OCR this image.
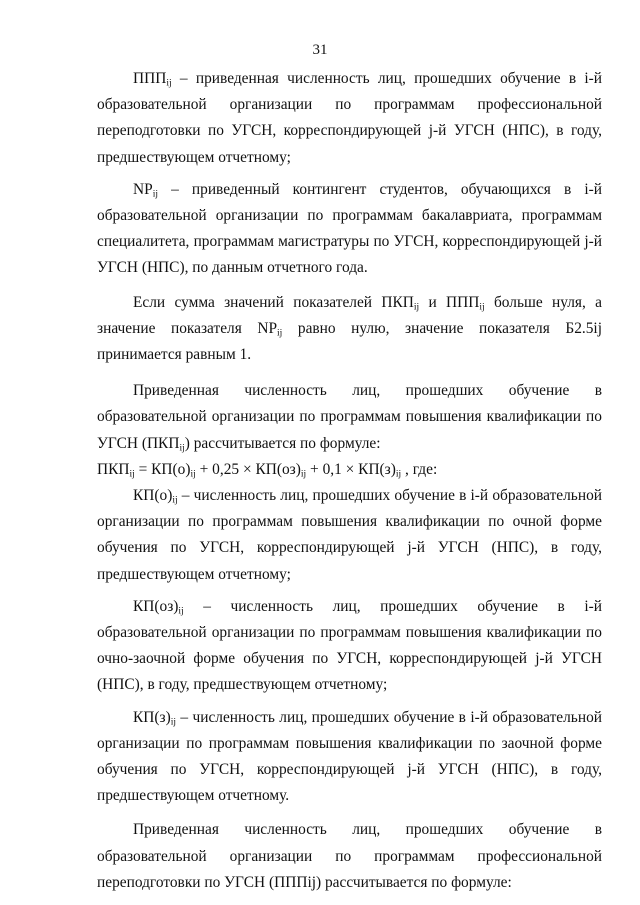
31

$ППП_{ij}$ – приведенная численность лиц, прошедших обучение в i-й образовательной организации по программам профессиональной переподготовки по УГСН, корреспондирующей j-й УГСН (НПС), в году, предшествующем отчетному;

$NP_{ij}$ – приведенный контингент студентов, обучающихся в i-й образовательной организации по программам бакалавриата, программам специалитета, программам магистратуры по УГСН, корреспондирующей j-й УГСН (НПС), по данным отчетного года.

Если сумма значений показателей $ПКП_{ij}$ и $ППП_{ij}$ больше нуля, а значение показателя $NP_{ij}$ равно нулю, значение показателя Б2.5ij принимается равным 1.

Приведенная численность лиц, прошедших обучение в образовательной организации по программам повышения квалификации по УГСН $(ПКП_{ij})$ рассчитывается по формуле:

$ПКП_{ij} = КП(о)_{ij} + 0,25 \times КП(оз)_{ij} + 0,1 \times КП(з)_{ij}$ , где:

$КП(о)_{ij}$ – численность лиц, прошедших обучение в i-й образовательной организации по программам повышения квалификации по очной форме обучения по УГСН, корреспондирующей j-й УГСН (НПС), в году, предшествующем отчетному;

$КП(оз)_{ij}$ – численность лиц, прошедших обучение в i-й образовательной организации по программам повышения квалификации по очно-заочной форме обучения по УГСН, корреспондирующей j-й УГСН (НПС), в году, предшествующем отчетному;

$КП(з)_{ij}$ – численность лиц, прошедших обучение в i-й образовательной организации по программам повышения квалификации по заочной форме обучения по УГСН, корреспондирующей j-й УГСН (НПС), в году, предшествующем отчетному.

Приведенная численность лиц, прошедших обучение в образовательной организации по программам профессиональной переподготовки по УГСН (ПППij) рассчитывается по формуле:
